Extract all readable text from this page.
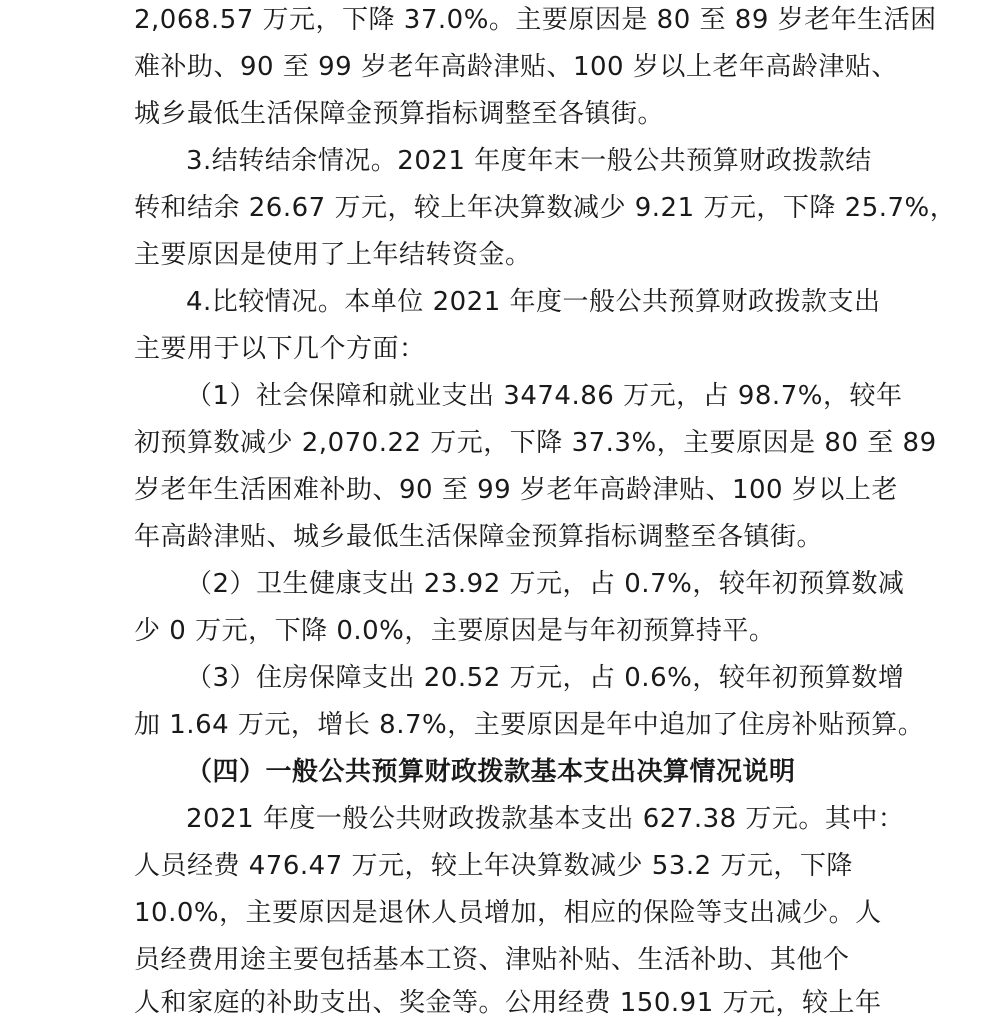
2,068.57 万元，下降 37.0%。主要原因是 80 至 89 岁老年生活困
难补助、90 至 99 岁老年高龄津贴、100 岁以上老年高龄津贴、
城乡最低生活保障金预算指标调整至各镇街。
3.结转结余情况。2021 年度年末一般公共预算财政拨款结
转和结余 26.67 万元，较上年决算数减少 9.21 万元，下降 25.7%，
主要原因是使用了上年结转资金。
4.比较情况。本单位 2021 年度一般公共预算财政拨款支出
主要用于以下几个方面：
（1）社会保障和就业支出 3474.86 万元，占 98.7%，较年
初预算数减少 2,070.22 万元，下降 37.3%，主要原因是 80 至 89
岁老年生活困难补助、90 至 99 岁老年高龄津贴、100 岁以上老
年高龄津贴、城乡最低生活保障金预算指标调整至各镇街。
（2）卫生健康支出 23.92 万元，占 0.7%，较年初预算数减
少 0 万元，下降 0.0%，主要原因是与年初预算持平。
（3）住房保障支出 20.52 万元，占 0.6%，较年初预算数增
加 1.64 万元，增长 8.7%，主要原因是年中追加了住房补贴预算。
（四）一般公共预算财政拨款基本支出决算情况说明
2021 年度一般公共财政拨款基本支出 627.38 万元。其中：
人员经费 476.47 万元，较上年决算数减少 53.2 万元，下降
10.0%，主要原因是退休人员增加，相应的保险等支出减少。人
员经费用途主要包括基本工资、津贴补贴、生活补助、其他个
人和家庭的补助支出、奖金等。公用经费 150.91 万元，较上年
